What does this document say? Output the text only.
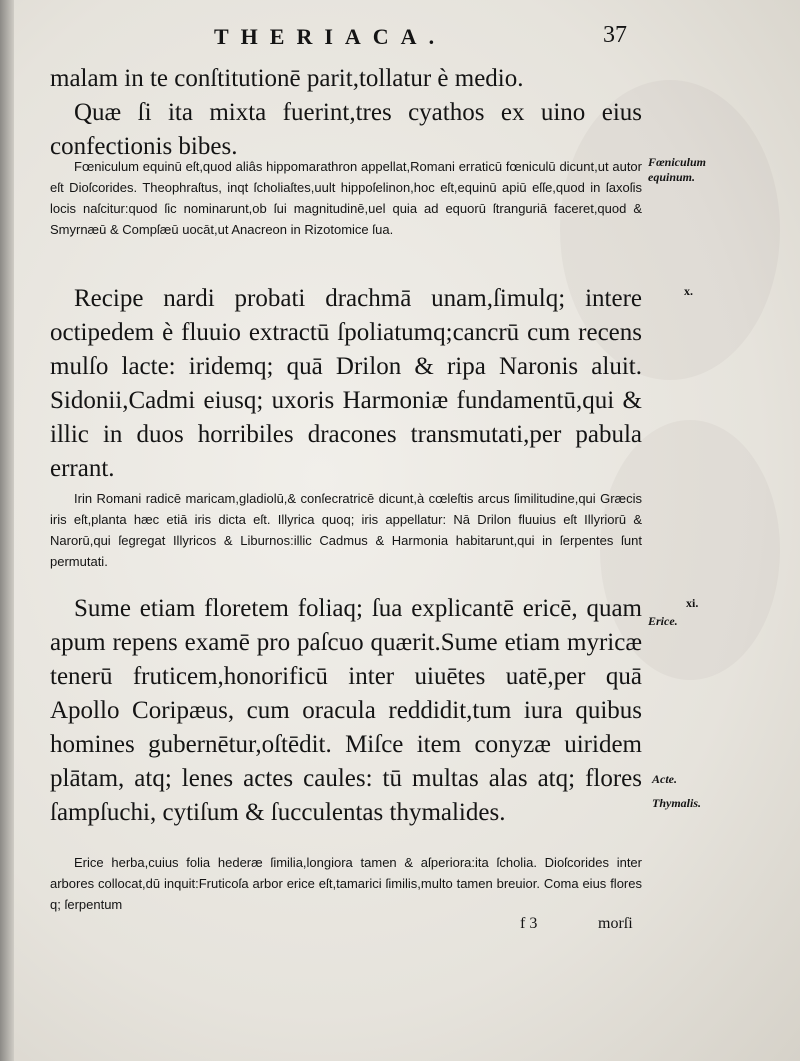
THERIACA.	37

malam in te conſtitutionē parit,tollatur è medio.

Quæ ſi ita mixta fuerint,tres cyathos ex uino eius confectionis bibes.

Fœniculum equinū eſt,quod aliâs hippomarathron appellat,Romani erraticū fœniculū dicunt,ut autor eſt Dioſcorides. Theophraſtus, inqt ſcholiaſtes,uult hippoſelinon,hoc eſt,equinū apiū eſſe,quod in ſaxoſis locis naſcitur:quod ſic nominarunt,ob ſui magnitudinē,uel quia ad equorū ſtranguriā faceret,quod & Smyrnæū & Compſæū uocāt,ut Anacreon in Rizotomice ſua.

Recipe nardi probati drachmā unam,ſimulq; intere octipedem è fluuio extractū ſpoliatumq;cancrū cum recens mulſo lacte: iridemq; quā Drilon & ripa Naronis aluit. Sidonii,Cadmi eiusq; uxoris Harmoniæ fundamentū,qui & illic in duos horribiles dracones transmutati,per pabula errant.

Irin Romani radicē maricam,gladiolū,& conſecratricē dicunt,à cœleſtis arcus ſimilitudine,qui Græcis iris eſt,planta hæc etiā iris dicta eſt. Illyrica quoq; iris appellatur: Nā Drilon fluuius eſt Illyriorū & Narorū,qui ſegregat Illyricos & Liburnos:illic Cadmus & Harmonia habitarunt,qui in ſerpentes ſunt permutati.

Sume etiam floretem foliaq; ſua explicantē ericē, quam apum repens examē pro paſcuo quærit.Sume etiam myricæ tenerū fruticem,honorificū inter uiuētes uatē,per quā Apollo Coripæus, cum oracula reddidit,tum iura quibus homines gubernētur,oſtēdit. Miſce item conyzæ uiridem plātam, atq; lenes actes caules: tū multas alas atq; flores ſampſuchi, cytiſum & ſucculentas thymalides.

Erice herba,cuius folia hederæ ſimilia,longiora tamen & aſperiora:ita ſcholia. Dioſcorides inter arbores collocat,dū inquit:Fruticoſa arbor erice eſt,tamarici ſimilis,multo tamen breuior. Coma eius flores q; ſerpentum

f 3	morſi
Fœniculum equinum.
x.
xi.
Erice.
Acte.
Thymalis.
